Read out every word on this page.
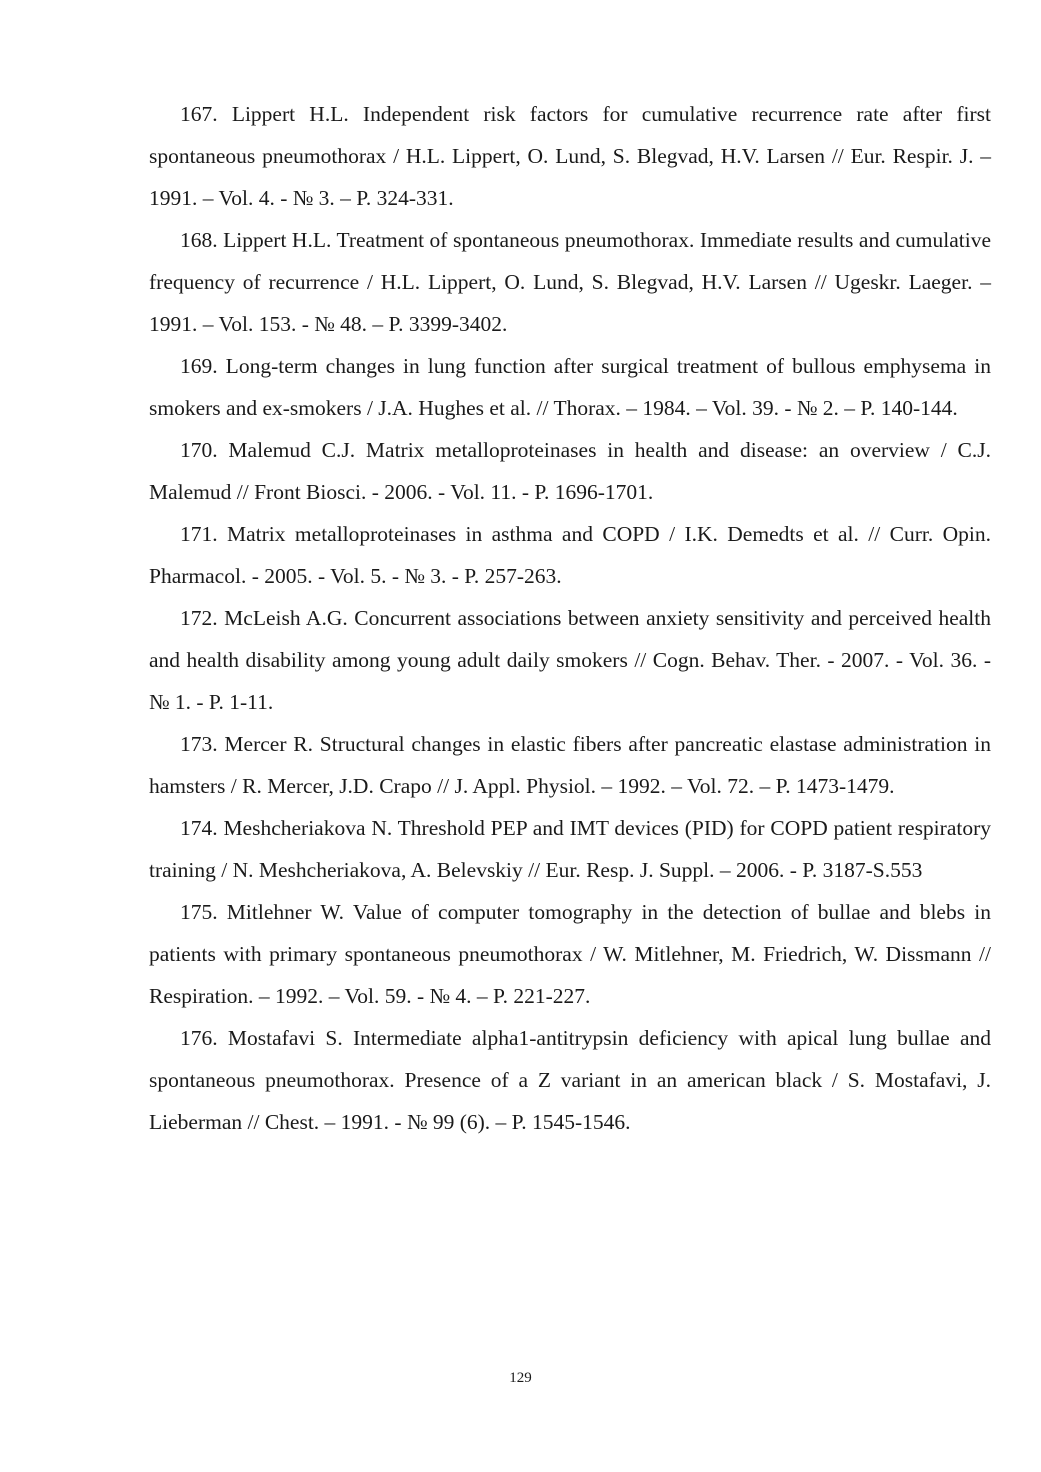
167. Lippert H.L. Independent risk factors for cumulative recurrence rate after first spontaneous pneumothorax / H.L. Lippert, O. Lund, S. Blegvad, H.V. Larsen // Eur. Respir. J. – 1991. – Vol. 4. - № 3. – P. 324-331.
168. Lippert H.L. Treatment of spontaneous pneumothorax. Immediate results and cumulative frequency of recurrence / H.L. Lippert, O. Lund, S. Blegvad, H.V. Larsen // Ugeskr. Laeger. – 1991. – Vol. 153. - № 48. – P. 3399-3402.
169. Long-term changes in lung function after surgical treatment of bullous emphysema in smokers and ex-smokers / J.A. Hughes et al. // Thorax. – 1984. – Vol. 39. - № 2. – P. 140-144.
170. Malemud C.J. Matrix metalloproteinases in health and disease: an overview / C.J. Malemud // Front Biosci. - 2006. - Vol. 11. - P. 1696-1701.
171. Matrix metalloproteinases in asthma and COPD / I.K. Demedts et al. // Curr. Opin. Pharmacol. - 2005. - Vol. 5. - № 3. - P. 257-263.
172. McLeish A.G. Concurrent associations between anxiety sensitivity and perceived health and health disability among young adult daily smokers // Cogn. Behav. Ther. - 2007. - Vol. 36. - № 1. - P. 1-11.
173. Mercer R. Structural changes in elastic fibers after pancreatic elastase administration in hamsters / R. Mercer, J.D. Crapo // J. Appl. Physiol. – 1992. – Vol. 72. – P. 1473-1479.
174. Meshcheriakova N. Threshold PEP and IMT devices (PID) for COPD patient respiratory training / N. Meshcheriakova, A. Belevskiy // Eur. Resp. J. Suppl. – 2006. - P. 3187-S.553
175. Mitlehner W. Value of computer tomography in the detection of bullae and blebs in patients with primary spontaneous pneumothorax / W. Mitlehner, M. Friedrich, W. Dissmann // Respiration. – 1992. – Vol. 59. - № 4. – P. 221-227.
176. Mostafavi S. Intermediate alpha1-antitrypsin deficiency with apical lung bullae and spontaneous pneumothorax. Presence of a Z variant in an american black / S. Mostafavi, J. Lieberman // Chest. – 1991. - № 99 (6). – P. 1545-1546.
129
